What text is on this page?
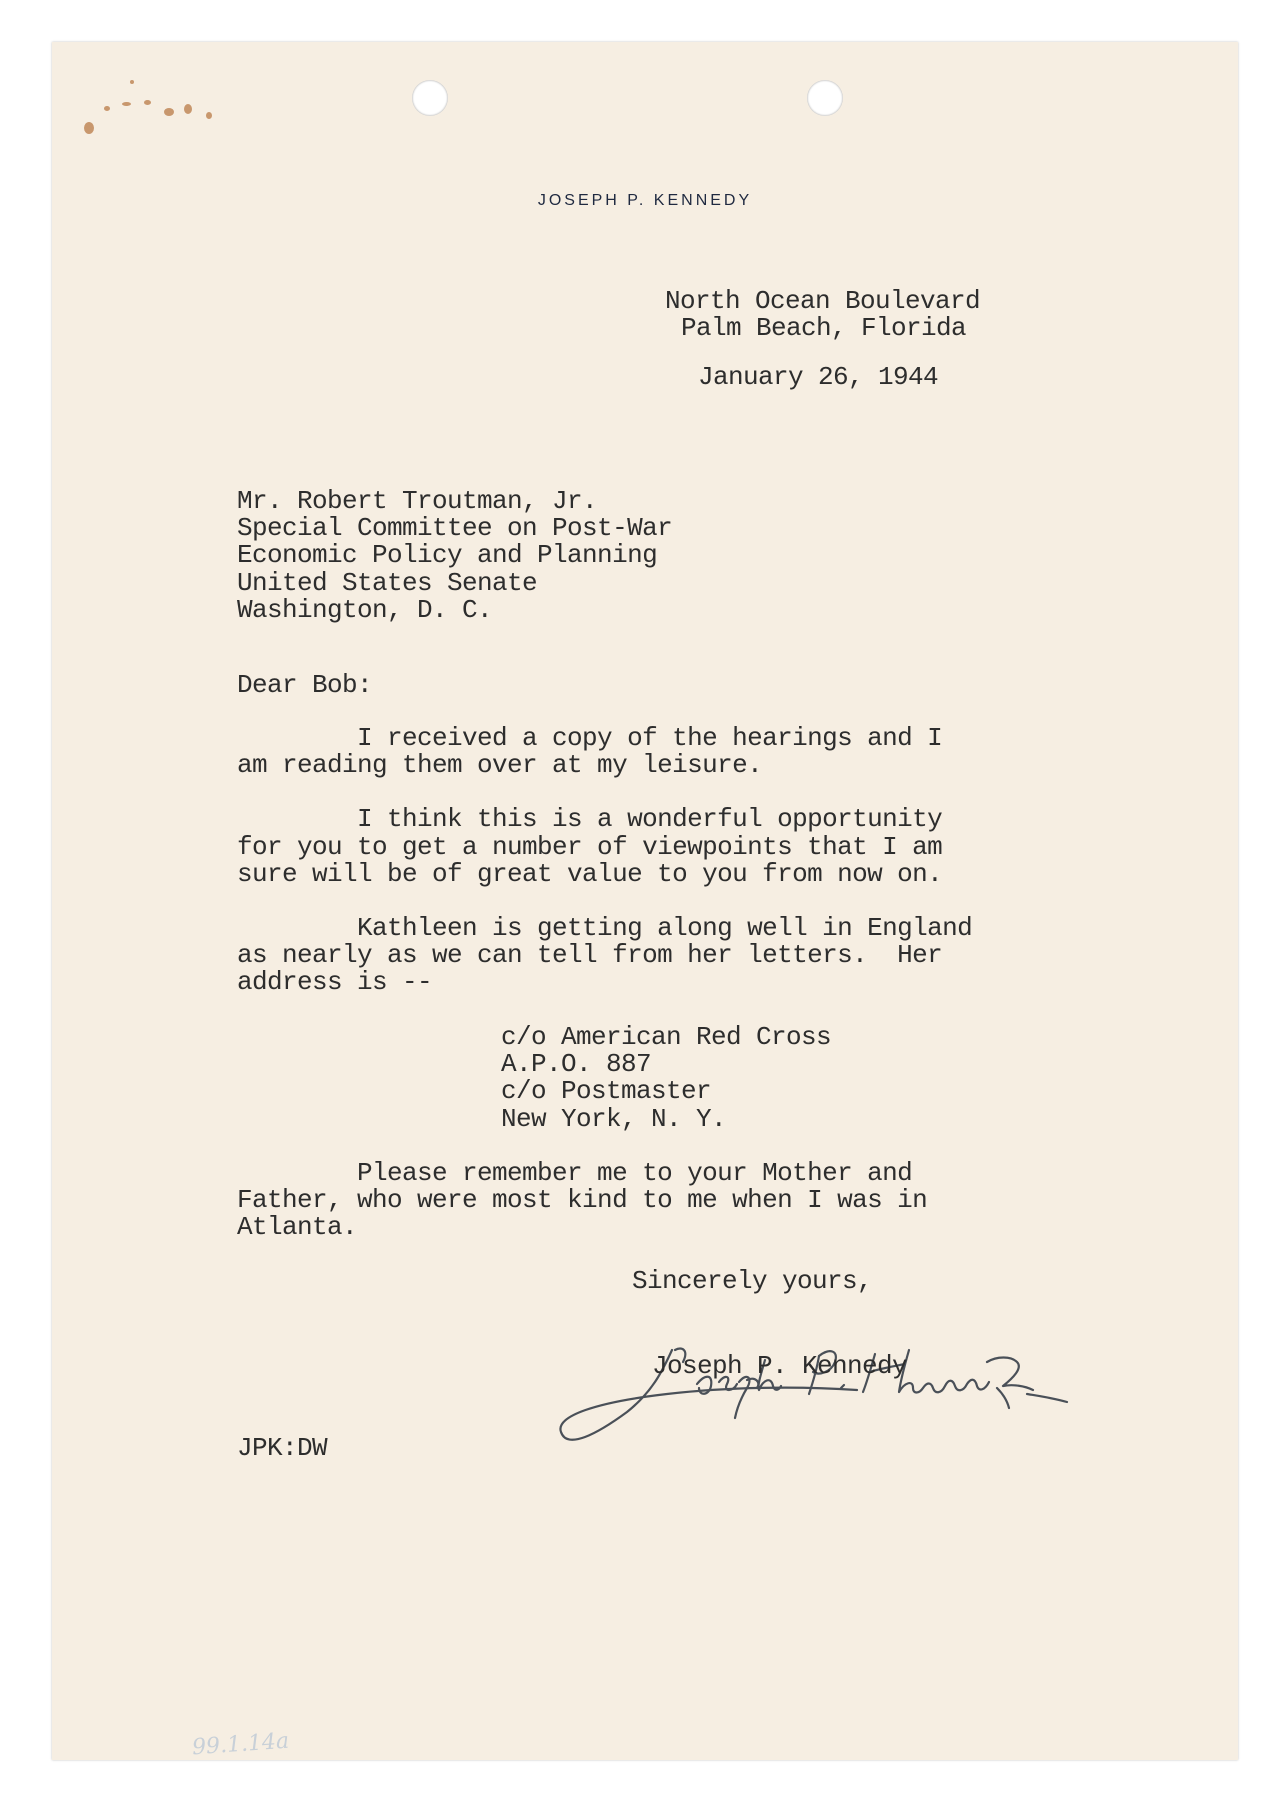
JOSEPH P. KENNEDY
North Ocean Boulevard
Palm Beach, Florida
January 26, 1944
Mr. Robert Troutman, Jr.
Special Committee on Post-War
Economic Policy and Planning
United States Senate
Washington, D. C.
Dear Bob:
I received a copy of the hearings and I
am reading them over at my leisure.
I think this is a wonderful opportunity
for you to get a number of viewpoints that I am
sure will be of great value to you from now on.
Kathleen is getting along well in England
as nearly as we can tell from her letters.  Her
address is --
c/o American Red Cross
A.P.O. 887
c/o Postmaster
New York, N. Y.
Please remember me to your Mother and
Father, who were most kind to me when I was in
Atlanta.
Sincerely yours,
Joseph P. Kennedy
JPK:DW
99.1.14a
